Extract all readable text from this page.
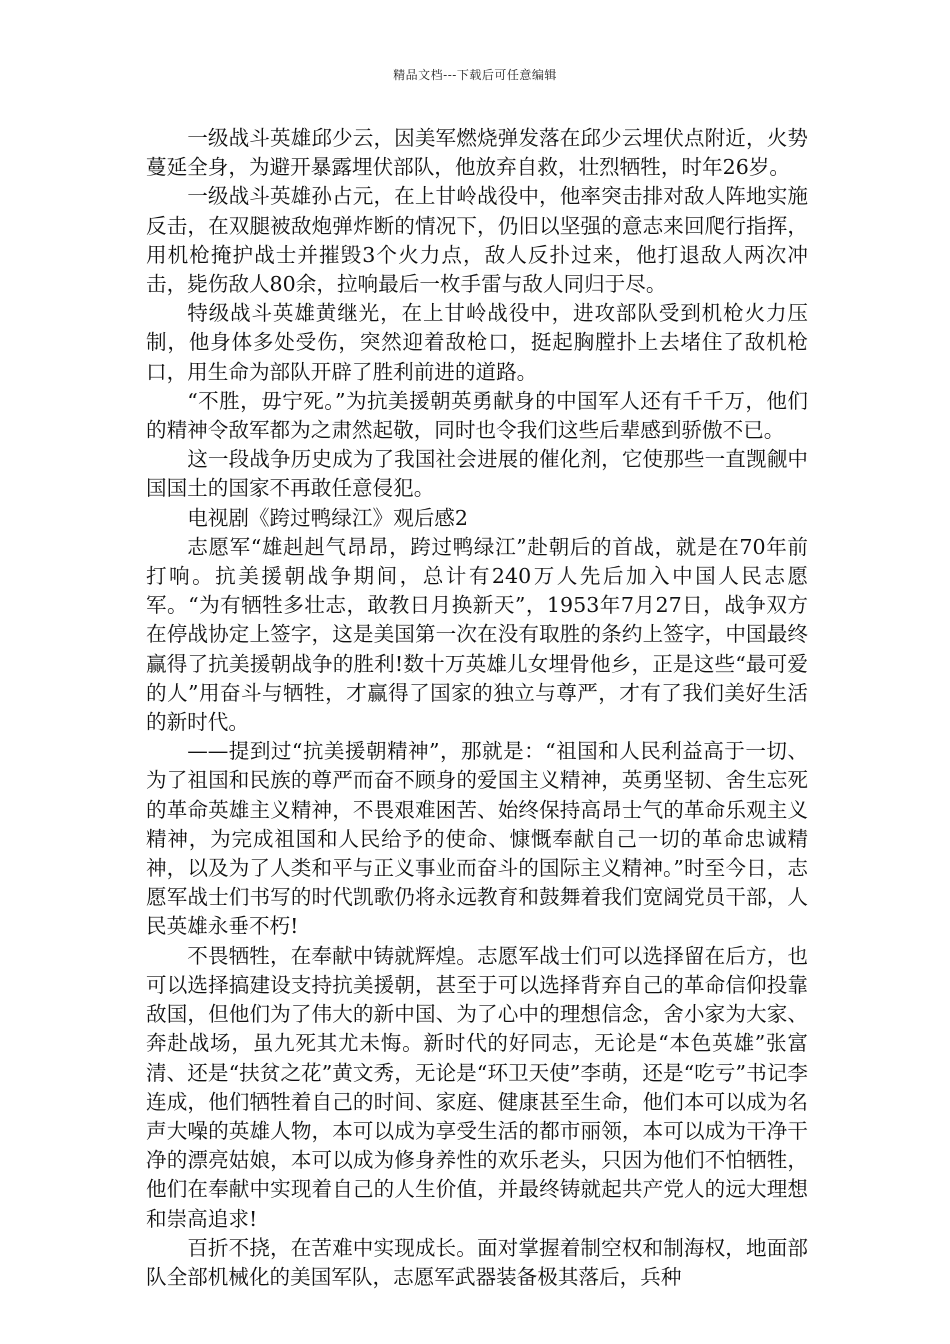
精品文档---下载后可任意编辑

一级战斗英雄邱少云，因美军燃烧弹发落在邱少云埋伏点附近，火势蔓延全身，为避开暴露埋伏部队，他放弃自救，壮烈牺牲，时年26岁。

一级战斗英雄孙占元，在上甘岭战役中，他率突击排对敌人阵地实施反击，在双腿被敌炮弹炸断的情况下，仍旧以坚强的意志来回爬行指挥，用机枪掩护战士并摧毁3个火力点，敌人反扑过来，他打退敌人两次冲击，毙伤敌人80余，拉响最后一枚手雷与敌人同归于尽。

特级战斗英雄黄继光，在上甘岭战役中，进攻部队受到机枪火力压制，他身体多处受伤，突然迎着敌枪口，挺起胸膛扑上去堵住了敌机枪口，用生命为部队开辟了胜利前进的道路。

“不胜，毋宁死。”为抗美援朝英勇献身的中国军人还有千千万，他们的精神令敌军都为之肃然起敬，同时也令我们这些后辈感到骄傲不已。

这一段战争历史成为了我国社会进展的催化剂，它使那些一直觊觎中国国土的国家不再敢任意侵犯。

电视剧《跨过鸭绿江》观后感2

志愿军“雄赳赳气昂昂，跨过鸭绿江”赴朝后的首战，就是在70年前打响。抗美援朝战争期间，总计有240万人先后加入中国人民志愿军。“为有牺牲多壮志，敢教日月换新天”，1953年7月27日，战争双方在停战协定上签字，这是美国第一次在没有取胜的条约上签字，中国最终赢得了抗美援朝战争的胜利!数十万英雄儿女埋骨他乡，正是这些“最可爱的人”用奋斗与牺牲，才赢得了国家的独立与尊严，才有了我们美好生活的新时代。

——提到过“抗美援朝精神”，那就是：“祖国和人民利益高于一切、为了祖国和民族的尊严而奋不顾身的爱国主义精神，英勇坚韧、舍生忘死的革命英雄主义精神，不畏艰难困苦、始终保持高昂士气的革命乐观主义精神，为完成祖国和人民给予的使命、慷慨奉献自己一切的革命忠诚精神，以及为了人类和平与正义事业而奋斗的国际主义精神。”时至今日，志愿军战士们书写的时代凯歌仍将永远教育和鼓舞着我们宽阔党员干部，人民英雄永垂不朽!

不畏牺牲，在奉献中铸就辉煌。志愿军战士们可以选择留在后方，也可以选择搞建设支持抗美援朝，甚至于可以选择背弃自己的革命信仰投靠敌国，但他们为了伟大的新中国、为了心中的理想信念，舍小家为大家、奔赴战场，虽九死其尤未悔。新时代的好同志，无论是“本色英雄”张富清、还是“扶贫之花”黄文秀，无论是“环卫天使”李萌，还是“吃亏”书记李连成，他们牺牲着自己的时间、家庭、健康甚至生命，他们本可以成为名声大噪的英雄人物，本可以成为享受生活的都市丽领，本可以成为干净干净的漂亮姑娘，本可以成为修身养性的欢乐老头，只因为他们不怕牺牲，他们在奉献中实现着自己的人生价值，并最终铸就起共产党人的远大理想和崇高追求!

百折不挠，在苦难中实现成长。面对掌握着制空权和制海权，地面部队全部机械化的美国军队，志愿军武器装备极其落后，兵种
